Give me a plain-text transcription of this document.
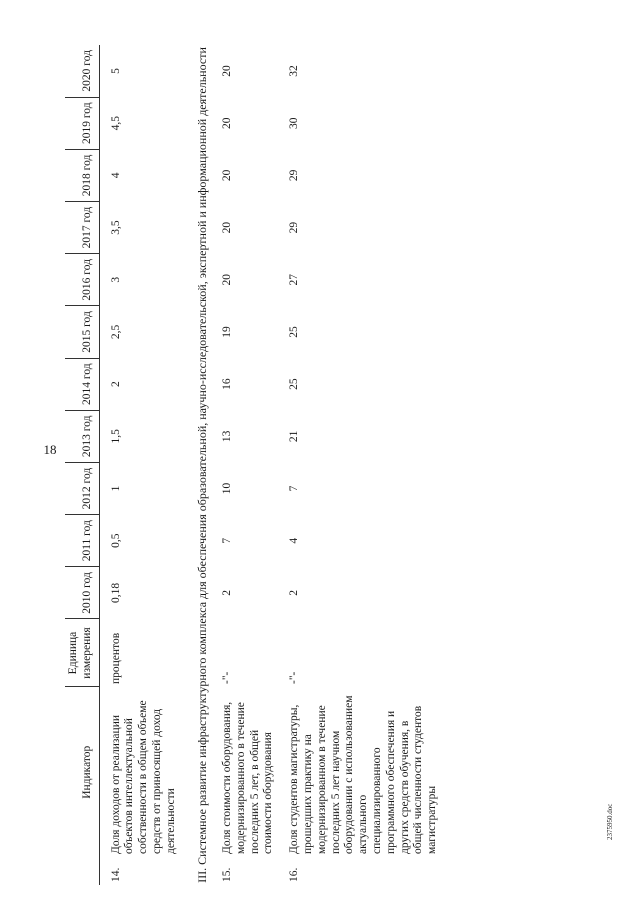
18
	Индикатор	Единица измерения	2010 год	2011 год	2012 год	2013 год	2014 год	2015 год	2016 год	2017 год	2018 год	2019 год	2020 год
14.	Доля доходов от реализации объектов интеллектуальной собственности в общем объеме средств от приносящей доход деятельности	процентов	0,18	0,5	1	1,5	2	2,5	3	3,5	4	4,5	5
III. Системное развитие инфраструктурного комплекса для обеспечения образовательной, научно-исследовательской, экспертной и информационной деятельности													
15.	Доля стоимости оборудования, модернизированного в течение последних 5 лет, в общей стоимости оборудования	-"-	2	7	10	13	16	19	20	20	20	20	20
16.	Доля студентов магистратуры, прошедших практику на модернизированном в течение последних 5 лет научном оборудовании с использованием актуального специализированного программного обеспечения и других средств обучения, в общей численности студентов магистратуры	-"-	2	4	7	21	25	25	27	29	29	30	32
2375950.doc
